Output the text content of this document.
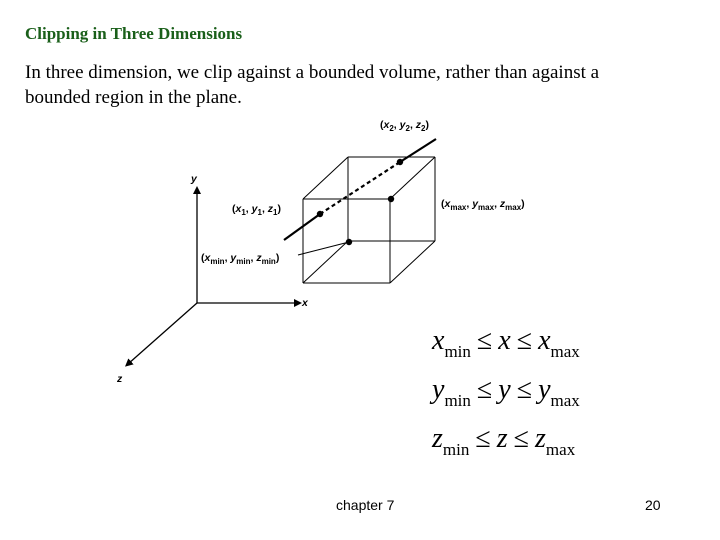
Clipping in Three Dimensions
In three dimension, we clip against a bounded volume, rather than against a bounded region in the plane.
y
x
z
($x_2$, $y_2$, $z_2$)
($x_1$, $y_1$, $z_1$)	($x_{max}$, $y_{max}$, $z_{max}$)
($x_{min}$, $y_{min}$, $z_{min}$)
$x_{min} \le x \le x_{max}$
$y_{min} \le y \le y_{max}$
$z_{min} \le z \le z_{max}$
chapter 7	20
